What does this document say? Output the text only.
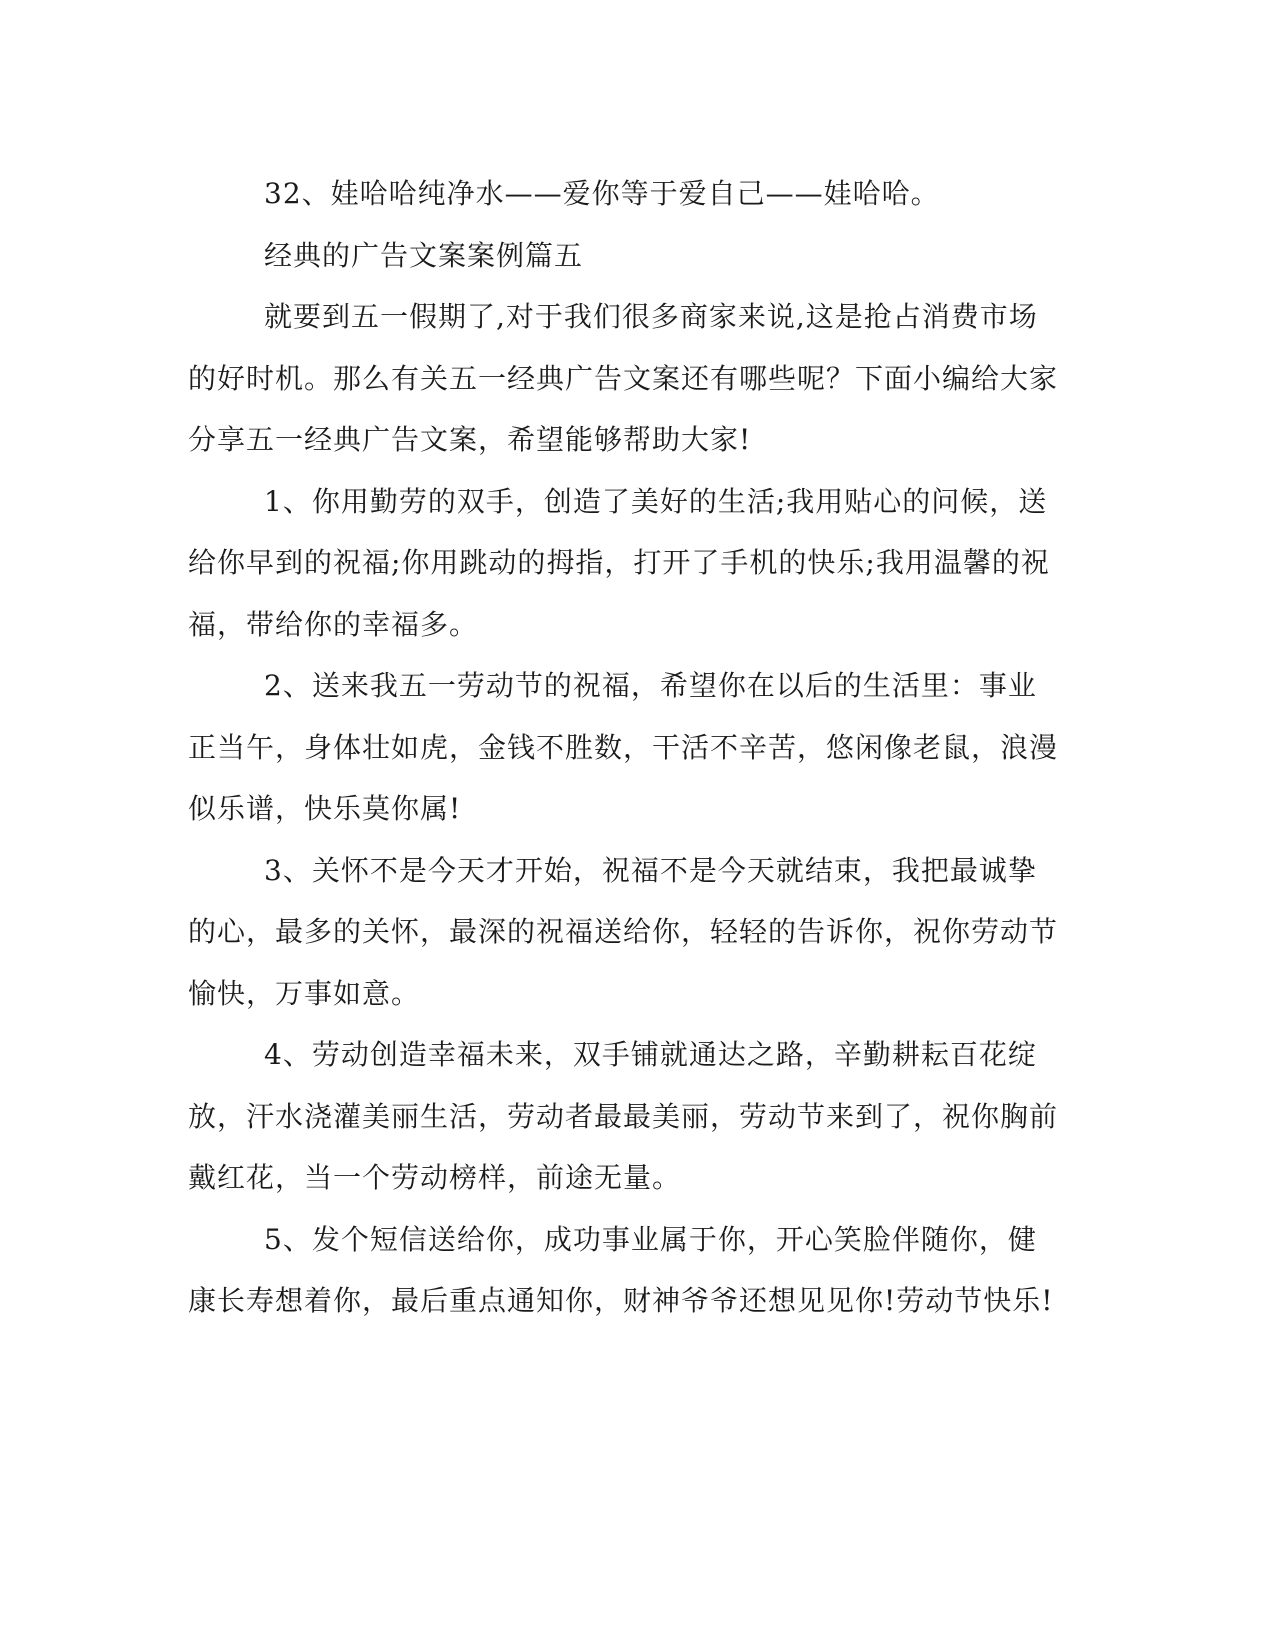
32、娃哈哈纯净水——爱你等于爱自己——娃哈哈。

经典的广告文案案例篇五

就要到五一假期了,对于我们很多商家来说,这是抢占消费市场的好时机。那么有关五一经典广告文案还有哪些呢？下面小编给大家分享五一经典广告文案，希望能够帮助大家!

1、你用勤劳的双手，创造了美好的生活;我用贴心的问候，送给你早到的祝福;你用跳动的拇指，打开了手机的快乐;我用温馨的祝福，带给你的幸福多。

2、送来我五一劳动节的祝福，希望你在以后的生活里：事业正当午，身体壮如虎，金钱不胜数，干活不辛苦，悠闲像老鼠，浪漫似乐谱，快乐莫你属!

3、关怀不是今天才开始，祝福不是今天就结束，我把最诚挚的心，最多的关怀，最深的祝福送给你，轻轻的告诉你，祝你劳动节愉快，万事如意。

4、劳动创造幸福未来，双手铺就通达之路，辛勤耕耘百花绽放，汗水浇灌美丽生活，劳动者最最美丽，劳动节来到了，祝你胸前戴红花，当一个劳动榜样，前途无量。

5、发个短信送给你，成功事业属于你，开心笑脸伴随你，健康长寿想着你，最后重点通知你，财神爷爷还想见见你!劳动节快乐!
